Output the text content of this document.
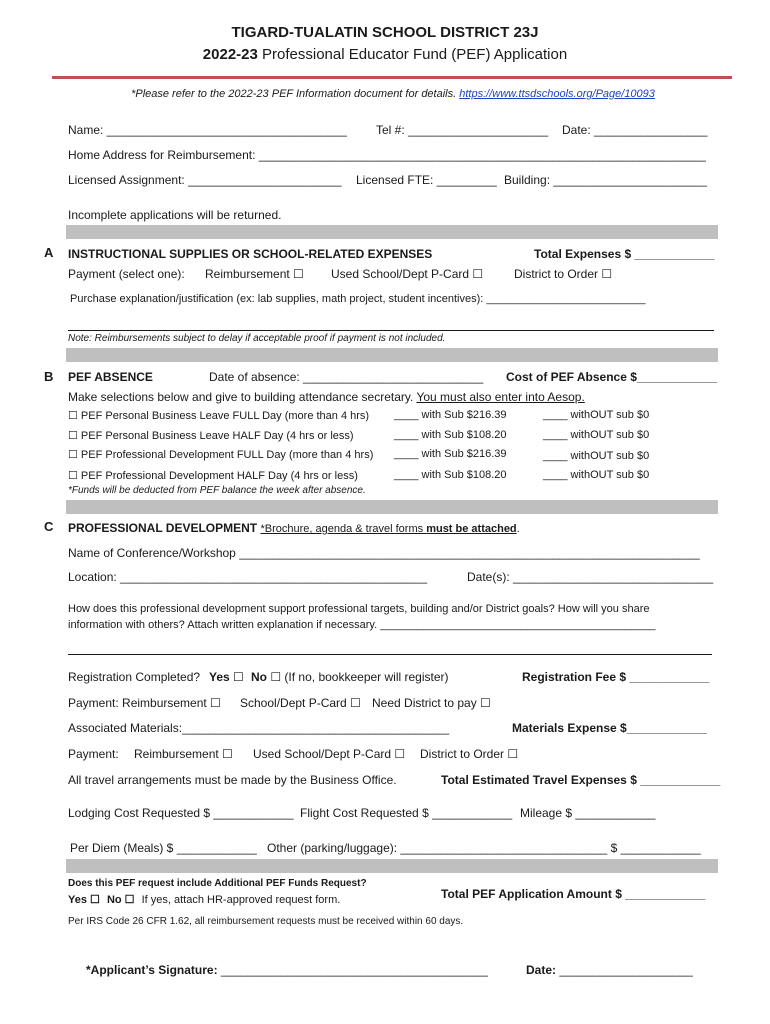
TIGARD-TUALATIN SCHOOL DISTRICT 23J
2022-23 Professional Educator Fund (PEF) Application
*Please refer to the 2022-23 PEF Information document for details. https://www.ttsdschools.org/Page/10093
Name: ____________________________________ Tel #: _____________________ Date: _________________
Home Address for Reimbursement: ___________________________________________________________________
Licensed Assignment: _______________________ Licensed FTE: _________ Building: _______________________
Incomplete applications will be returned.
A INSTRUCTIONAL SUPPLIES OR SCHOOL-RELATED EXPENSES	Total Expenses $ ____________
Payment (select one): Reimbursement ☐ Used School/Dept P-Card ☐	District to Order ☐
Purchase explanation/justification (ex: lab supplies, math project, student incentives): __________________________
Note: Reimbursements subject to delay if acceptable proof if payment is not included.
B PEF ABSENCE	Date of absence: ___________________________ Cost of PEF Absence $____________
Make selections below and give to building attendance secretary. You must also enter into Aesop.
☐ PEF Personal Business Leave FULL Day (more than 4 hrs) ____ with Sub $216.39	____ withOUT sub $0
☐ PEF Personal Business Leave HALF Day (4 hrs or less)	____ with Sub $108.20	____ withOUT sub $0
☐ PEF Professional Development FULL Day (more than 4 hrs) ____ with Sub $216.39	____ withOUT sub $0
☐ PEF Professional Development HALF Day (4 hrs or less)	____ with Sub $108.20	____ withOUT sub $0
*Funds will be deducted from PEF balance the week after absence.
C PROFESSIONAL DEVELOPMENT *Brochure, agenda & travel forms must be attached.
Name of Conference/Workshop _____________________________________________________________________
Location: ______________________________________________	Date(s): ______________________________
How does this professional development support professional targets, building and/or District goals? How will you share
information with others? Attach written explanation if necessary. _____________________________________________
Registration Completed? Yes ☐ No ☐ (If no, bookkeeper will register)	Registration Fee $ ____________
Payment: Reimbursement ☐ School/Dept P-Card ☐ Need District to pay ☐
Associated Materials:________________________________________	Materials Expense $____________
Payment: Reimbursement ☐ Used School/Dept P-Card ☐ District to Order ☐
All travel arrangements must be made by the Business Office.	Total Estimated Travel Expenses $ ____________
Lodging Cost Requested $ ____________ Flight Cost Requested $ ____________ Mileage $ ____________
Per Diem (Meals) $ ____________ Other (parking/luggage): _______________________________ $ ____________
Does this PEF request include Additional PEF Funds Request?
Yes ☐ No ☐ If yes, attach HR-approved request form.	Total PEF Application Amount $ ____________
Per IRS Code 26 CFR 1.62, all reimbursement requests must be received within 60 days.
*Applicant’s Signature: ________________________________________	Date: ____________________
